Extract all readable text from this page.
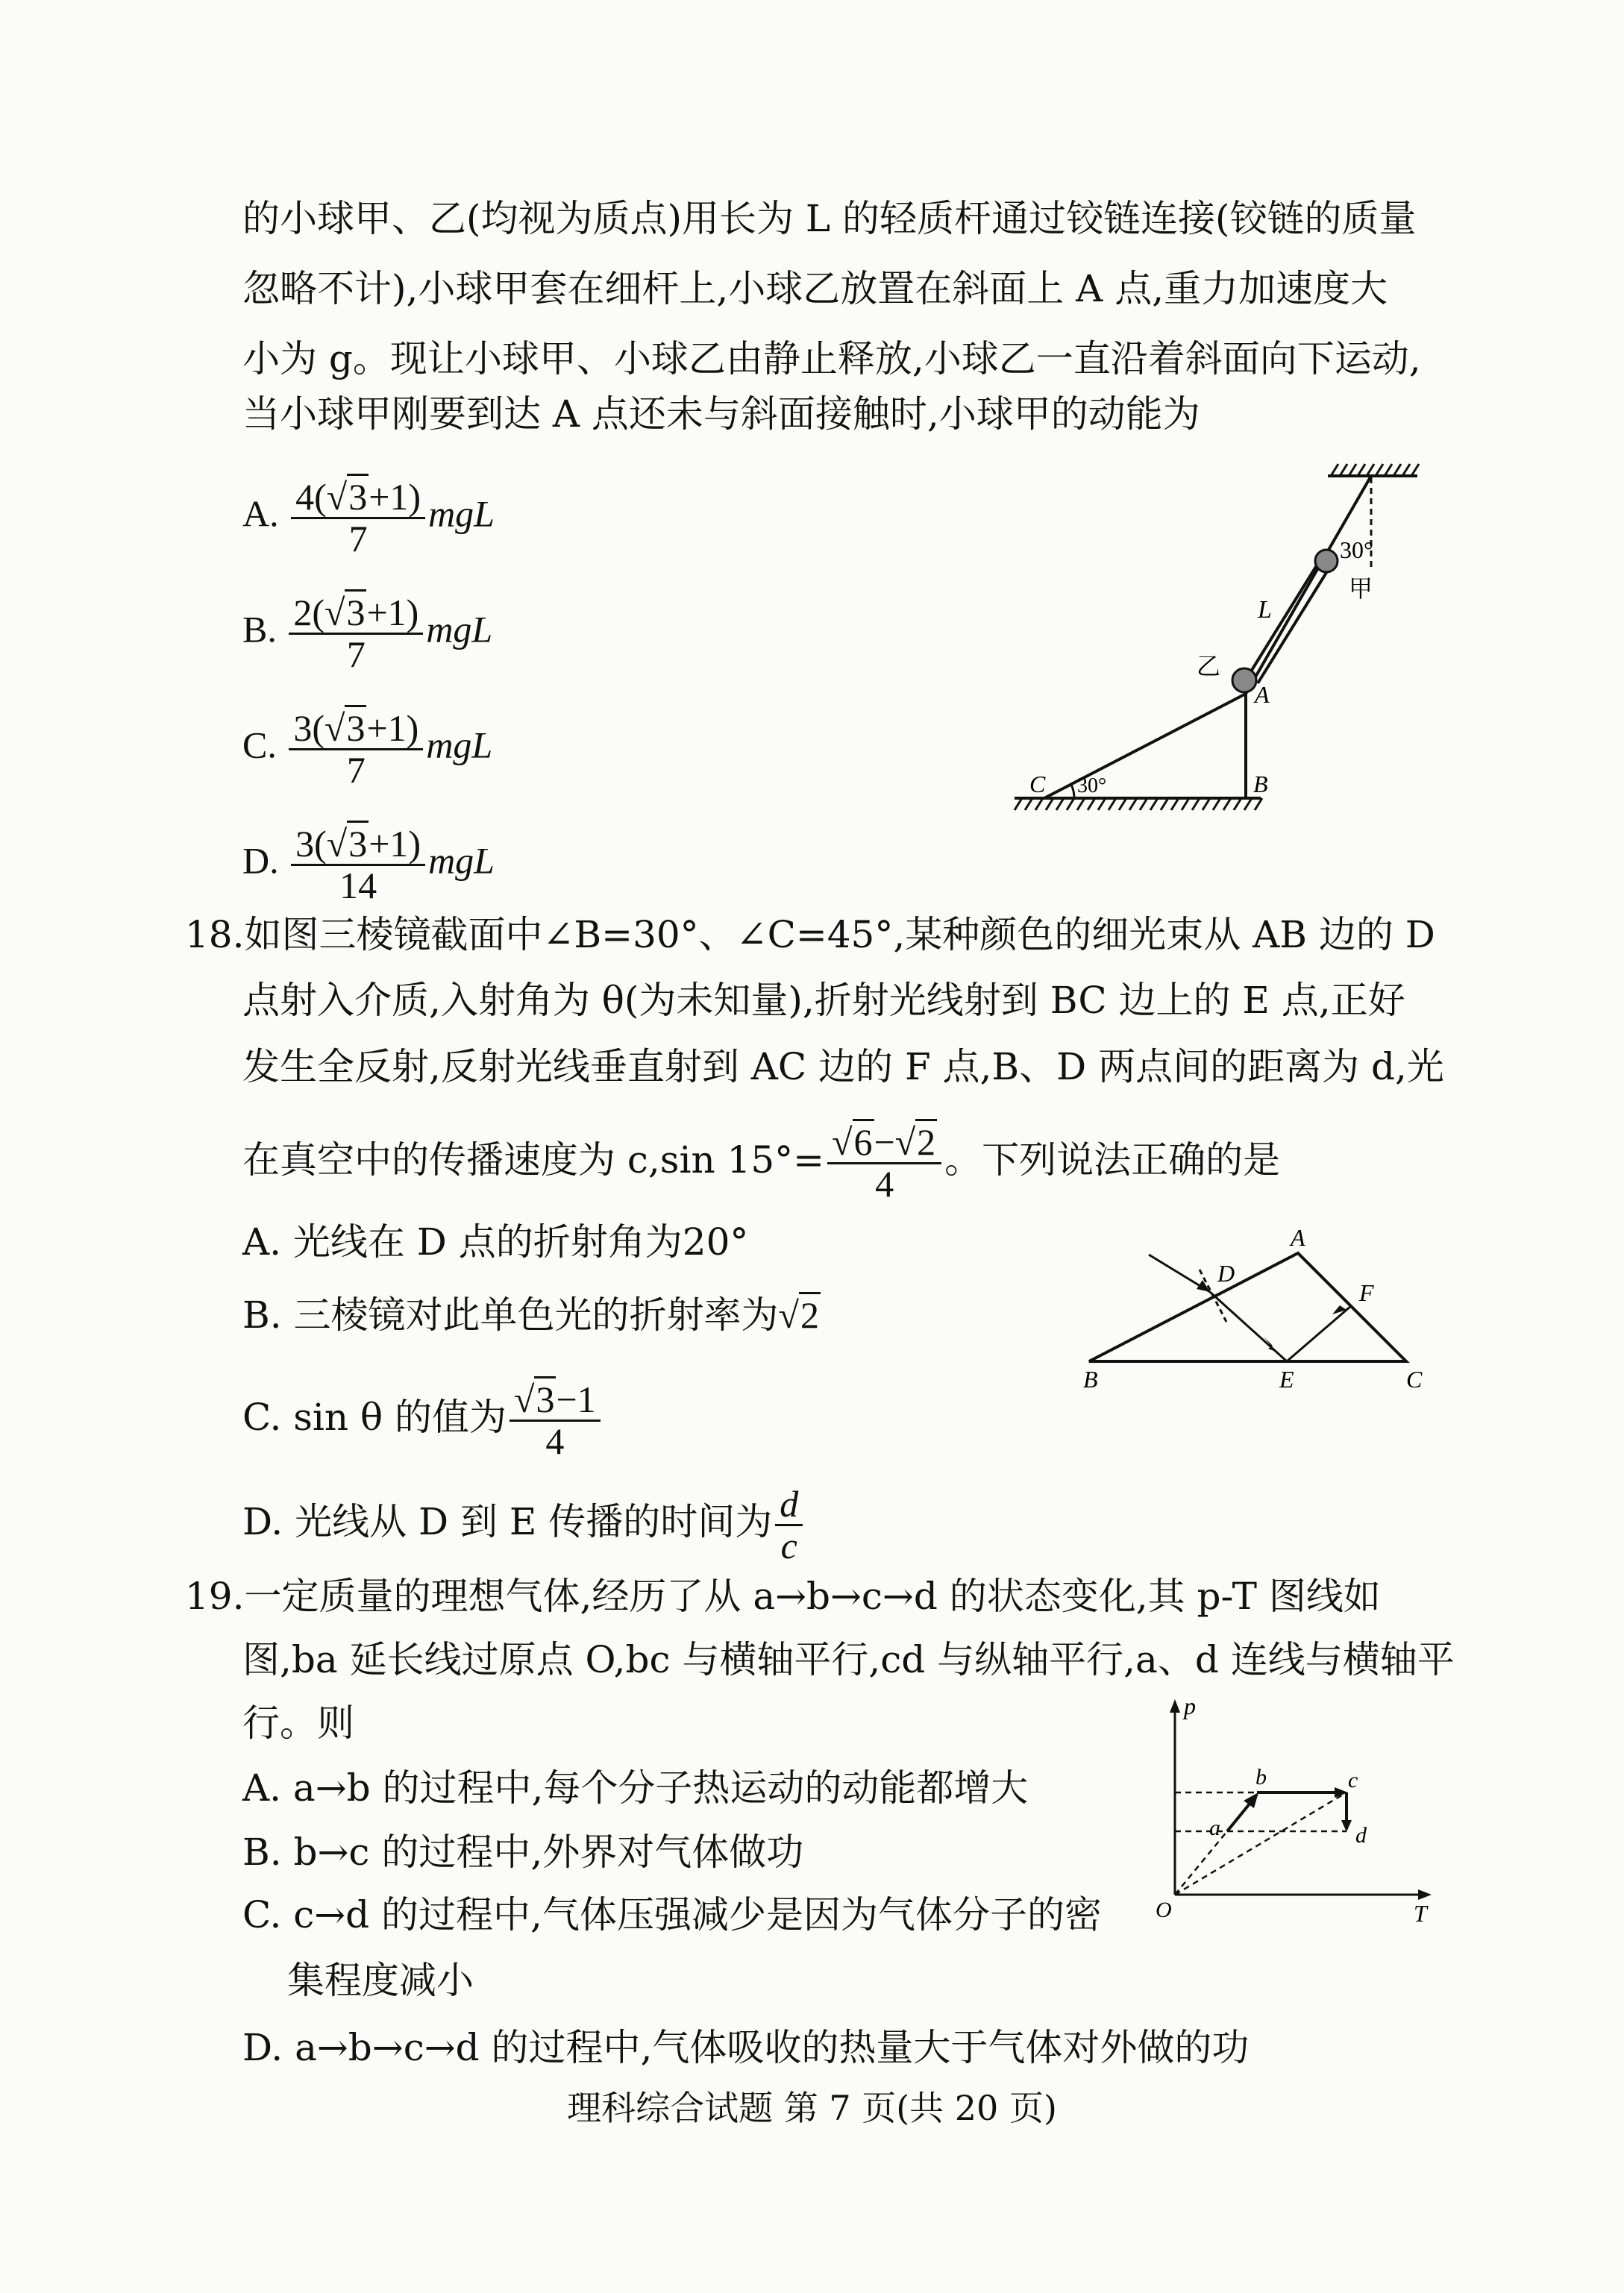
的小球甲、乙(均视为质点)用长为 L 的轻质杆通过铰链连接(铰链的质量
忽略不计),小球甲套在细杆上,小球乙放置在斜面上 A 点,重力加速度大
小为 g。现让小球甲、小球乙由静止释放,小球乙一直沿着斜面向下运动,
当小球甲刚要到达 A 点还未与斜面接触时,小球甲的动能为
A. $\frac{4(√3+1)}{7}$ mgL
B. $\frac{2(√3+1)}{7}$ mgL
C. $\frac{3(√3+1)}{7}$ mgL
D. $\frac{3(√3+1)}{14}$ mgL
30°
甲
L
乙
A
B
C 30°
18.如图三棱镜截面中∠B=30°、∠C=45°,某种颜色的细光束从 AB 边的 D
点射入介质,入射角为 θ(为未知量),折射光线射到 BC 边上的 E 点,正好
发生全反射,反射光线垂直射到 AC 边的 F 点,B、D 两点间的距离为 d,光
在真空中的传播速度为 c,sin $15^\circ= \frac{√6-√2}{4}$ 。下列说法正确的是
A. 光线在 D 点的折射角为20°
B. 三棱镜对此单色光的折射率为√2
C. sin θ 的值为 $\frac{√3-1}{4}$
D. 光线从 D 到 E 传播的时间为 $\frac{d}{c}$
A
B	C
D
E
F
19.一定质量的理想气体,经历了从 a→b→c→d 的状态变化,其 p-T 图线如
图,ba 延长线过原点 O,bc 与横轴平行,cd 与纵轴平行,a、d 连线与横轴平
行。则
A. a→b 的过程中,每个分子热运动的动能都增大
B. b→c 的过程中,外界对气体做功
C. c→d 的过程中,气体压强减少是因为气体分子的密
集程度减小
D. a→b→c→d 的过程中,气体吸收的热量大于气体对外做的功
p
T
O
a
b	c
d
理科综合试题 第 7 页(共 20 页)
